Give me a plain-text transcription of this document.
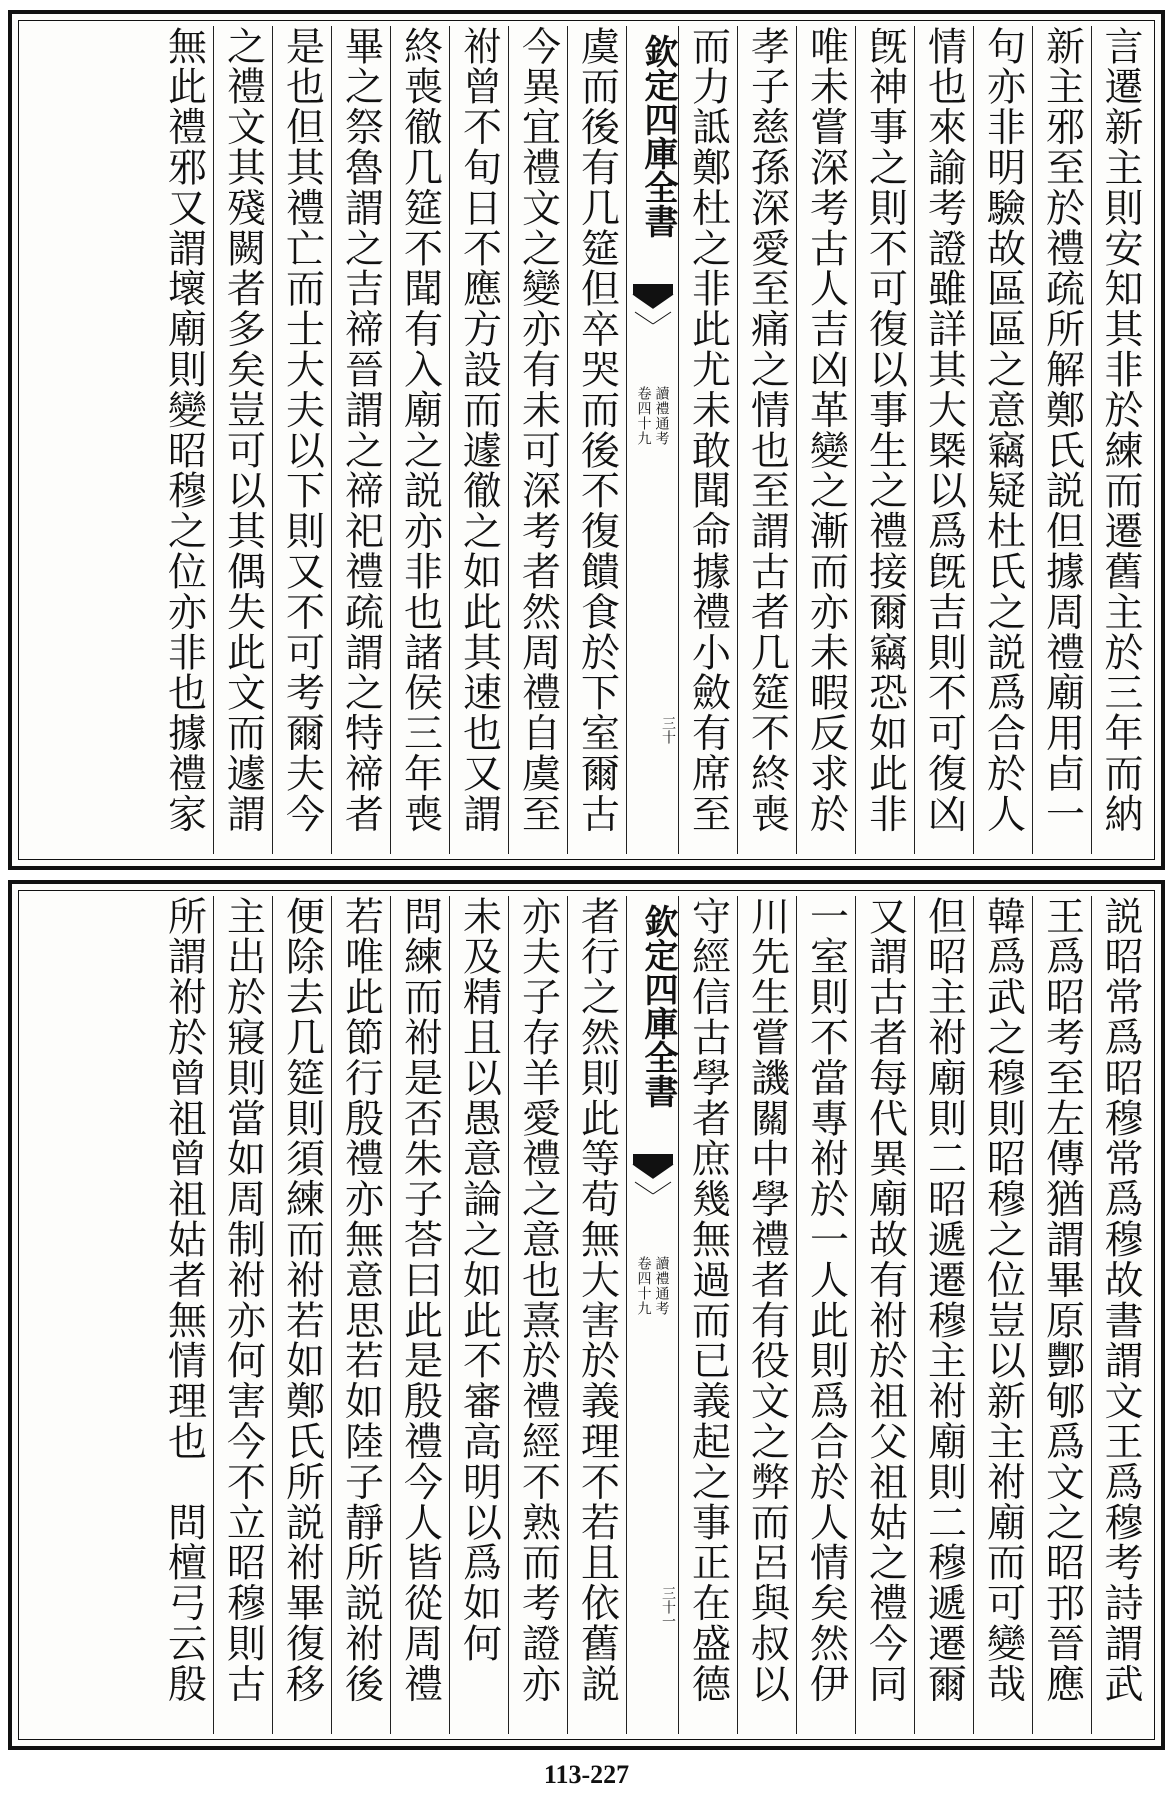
言遷新主則安知其非於練而遷舊主於三年而納
新主邪至於禮疏所解鄭氏説但據周禮廟用卣一
句亦非明驗故區區之意竊疑杜氏之説爲合於人
情也來諭考證雖詳其大槩以爲旣吉則不可復凶
旣神事之則不可復以事生之禮接爾竊恐如此非
唯未嘗深考古人吉凶革變之漸而亦未暇反求於
孝子慈孫深愛至痛之情也至謂古者几筵不終喪
而力詆鄭杜之非此尤未敢聞命據禮小斂有席至
欽定四庫全書
卷四十九 讀禮通考
三十
虞而後有几筵但卒哭而後不復饋食於下室爾古
今異宜禮文之變亦有未可深考者然周禮自虞至
祔曾不旬日不應方設而遽徹之如此其速也又謂
終喪徹几筵不聞有入廟之説亦非也諸侯三年喪
畢之祭魯謂之吉禘晉謂之禘祀禮疏謂之特禘者
是也但其禮亡而士大夫以下則又不可考爾夫今
之禮文其殘闕者多矣豈可以其偶失此文而遽謂
無此禮邪又謂壞廟則變昭穆之位亦非也據禮家
説昭常爲昭穆常爲穆故書謂文王爲穆考詩謂武
王爲昭考至左傳猶謂畢原酆郇爲文之昭邘晉應
韓爲武之穆則昭穆之位豈以新主祔廟而可變哉
但昭主祔廟則二昭遞遷穆主祔廟則二穆遞遷爾
又謂古者每代異廟故有祔於祖父祖姑之禮今同
一室則不當專祔於一人此則爲合於人情矣然伊
川先生嘗譏關中學禮者有役文之弊而呂與叔以
守經信古學者庶幾無過而已義起之事正在盛德
欽定四庫全書
卷四十九 讀禮通考
三十一
者行之然則此等苟無大害於義理不若且依舊説
亦夫子存羊愛禮之意也熹於禮經不熟而考證亦
未及精且以愚意論之如此不審高明以爲如何
問練而祔是否朱子荅曰此是殷禮今人皆從周禮
若唯此節行殷禮亦無意思若如陸子靜所説祔後
便除去几筵則須練而祔若如鄭氏所説祔畢復移
主出於寢則當如周制祔亦何害今不立昭穆則古
所謂祔於曾祖曾祖姑者無情理也　問檀弓云殷
113-227
